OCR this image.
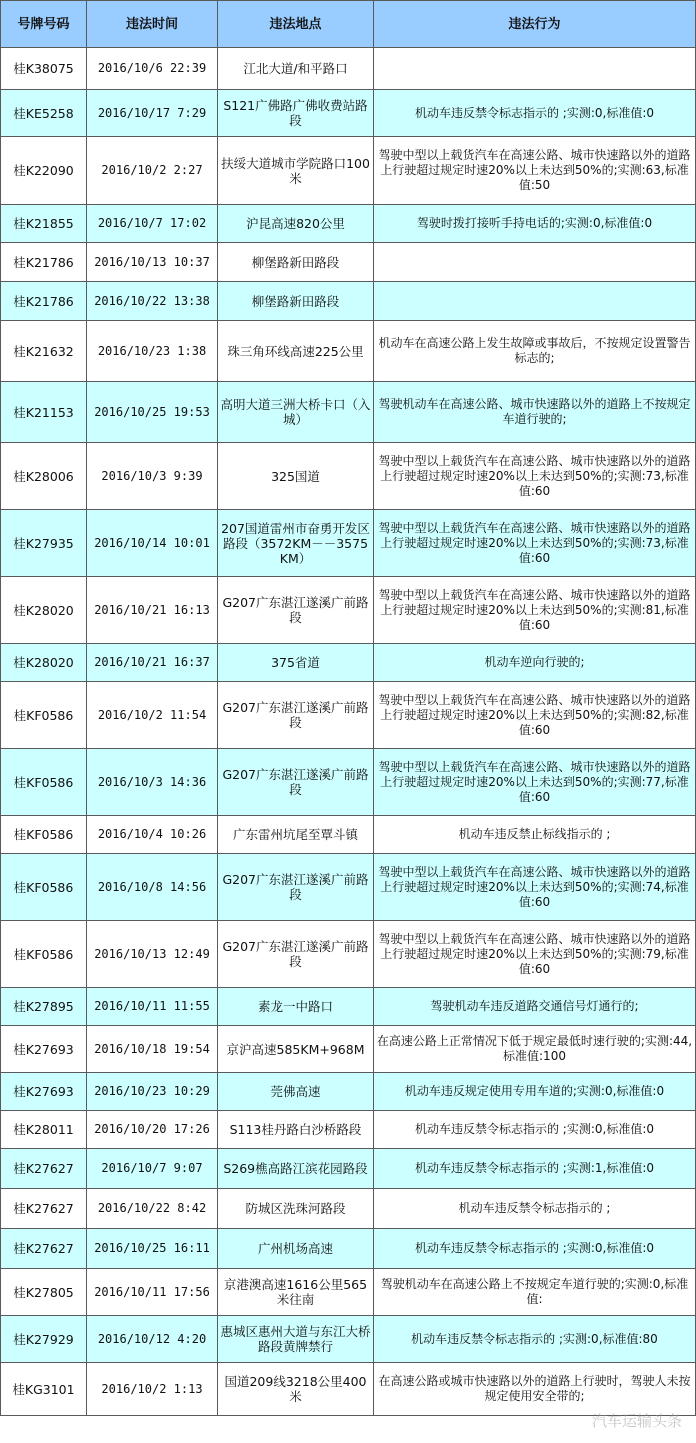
号牌号码	违法时间	违法地点	违法行为
桂K38075	2016/10/6 22:39	江北大道/和平路口	
桂KE5258	2016/10/17 7:29	S121广佛路广佛收费站路段	机动车违反禁令标志指示的 ;实测:0,标准值:0
桂K22090	2016/10/2 2:27	扶绥大道城市学院路口100米	驾驶中型以上载货汽车在高速公路、城市快速路以外的道路上行驶超过规定时速20%以上未达到50%的;实测:63,标准值:50
桂K21855	2016/10/7 17:02	沪昆高速820公里	驾驶时拨打接听手持电话的;实测:0,标准值:0
桂K21786	2016/10/13 10:37	柳堡路新田路段	
桂K21786	2016/10/22 13:38	柳堡路新田路段	
桂K21632	2016/10/23 1:38	珠三角环线高速225公里	机动车在高速公路上发生故障或事故后，不按规定设置警告标志的;
桂K21153	2016/10/25 19:53	高明大道三洲大桥卡口（入城）	驾驶机动车在高速公路、城市快速路以外的道路上不按规定车道行驶的;
桂K28006	2016/10/3 9:39	325国道	驾驶中型以上载货汽车在高速公路、城市快速路以外的道路上行驶超过规定时速20%以上未达到50%的;实测:73,标准值:60
桂K27935	2016/10/14 10:01	207国道雷州市奋勇开发区路段（3572KM－－3575KM）	驾驶中型以上载货汽车在高速公路、城市快速路以外的道路上行驶超过规定时速20%以上未达到50%的;实测:73,标准值:60
桂K28020	2016/10/21 16:13	G207广东湛江遂溪广前路段	驾驶中型以上载货汽车在高速公路、城市快速路以外的道路上行驶超过规定时速20%以上未达到50%的;实测:81,标准值:60
桂K28020	2016/10/21 16:37	375省道	机动车逆向行驶的;
桂KF0586	2016/10/2 11:54	G207广东湛江遂溪广前路段	驾驶中型以上载货汽车在高速公路、城市快速路以外的道路上行驶超过规定时速20%以上未达到50%的;实测:82,标准值:60
桂KF0586	2016/10/3 14:36	G207广东湛江遂溪广前路段	驾驶中型以上载货汽车在高速公路、城市快速路以外的道路上行驶超过规定时速20%以上未达到50%的;实测:77,标准值:60
桂KF0586	2016/10/4 10:26	广东雷州坑尾至覃斗镇	机动车违反禁止标线指示的 ;
桂KF0586	2016/10/8 14:56	G207广东湛江遂溪广前路段	驾驶中型以上载货汽车在高速公路、城市快速路以外的道路上行驶超过规定时速20%以上未达到50%的;实测:74,标准值:60
桂KF0586	2016/10/13 12:49	G207广东湛江遂溪广前路段	驾驶中型以上载货汽车在高速公路、城市快速路以外的道路上行驶超过规定时速20%以上未达到50%的;实测:79,标准值:60
桂K27895	2016/10/11 11:55	素龙一中路口	驾驶机动车违反道路交通信号灯通行的;
桂K27693	2016/10/18 19:54	京沪高速585KM+968M	在高速公路上正常情况下低于规定最低时速行驶的;实测:44,标准值:100
桂K27693	2016/10/23 10:29	莞佛高速	机动车违反规定使用专用车道的;实测:0,标准值:0
桂K28011	2016/10/20 17:26	S113桂丹路白沙桥路段	机动车违反禁令标志指示的 ;实测:0,标准值:0
桂K27627	2016/10/7 9:07	S269樵高路江滨花园路段	机动车违反禁令标志指示的 ;实测:1,标准值:0
桂K27627	2016/10/22 8:42	防城区洗珠河路段	机动车违反禁令标志指示的 ;
桂K27627	2016/10/25 16:11	广州机场高速	机动车违反禁令标志指示的 ;实测:0,标准值:0
桂K27805	2016/10/11 17:56	京港澳高速1616公里565米往南	驾驶机动车在高速公路上不按规定车道行驶的;实测:0,标准值:
桂K27929	2016/10/12 4:20	惠城区惠州大道与东江大桥路段黄牌禁行	机动车违反禁令标志指示的 ;实测:0,标准值:80
桂KG3101	2016/10/2 1:13	国道209线3218公里400米	在高速公路或城市快速路以外的道路上行驶时，驾驶人未按规定使用安全带的;
汽车运输头条
